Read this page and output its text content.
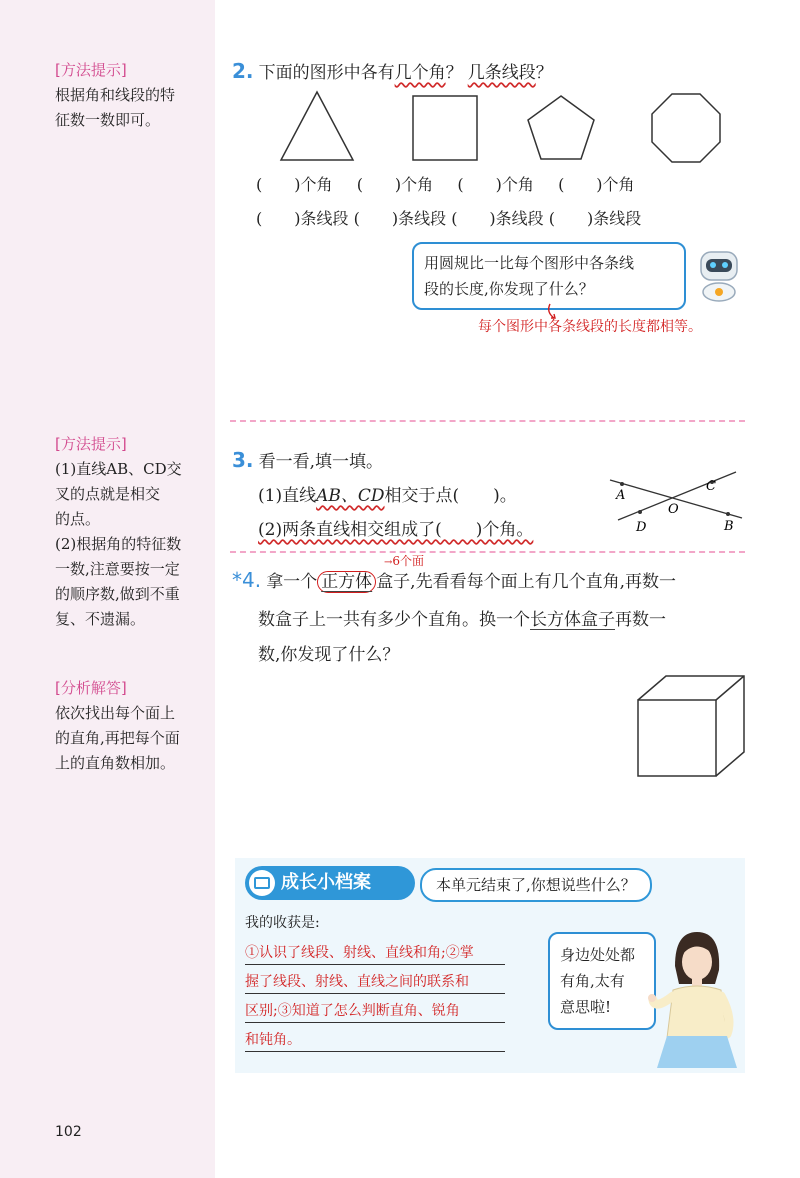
[方法提示]
根据角和线段的特
征数一数即可。
[方法提示]
(1)直线AB、CD交
叉的点就是相交
的点。
(2)根据角的特征数
一数,注意要按一定
的顺序数,做到不重
复、不遗漏。
[分析解答]
依次找出每个面上
的直角,再把每个面
上的直角数相加。
2. 下面的图形中各有几个角？ 几条线段？
(　　)个角 (　　)个角 (　　)个角 (　　)个角
(　　)条线段 (　　)条线段 (　　)条线段 (　　)条线段
用圆规比一比每个图形中各条线
段的长度,你发现了什么？
每个图形中各条线段的长度都相等。
3. 看一看,填一填。
(1)直线AB、CD相交于点(　　)。
(2)两条直线相交组成了(　　)个角。
A
B
C
D
O
→6个面
*4. 拿一个 正方体 盒子,先看看每个面上有几个直角,再数一
数盒子上一共有多少个直角。换一个长方体盒子再数一
数,你发现了什么？
成长小档案	本单元结束了,你想说些什么？
我的收获是:
①认识了线段、射线、直线和角;②掌
握了线段、射线、直线之间的联系和
区别;③知道了怎么判断直角、锐角
和钝角。
身边处处都
有角,太有
意思啦!
102
